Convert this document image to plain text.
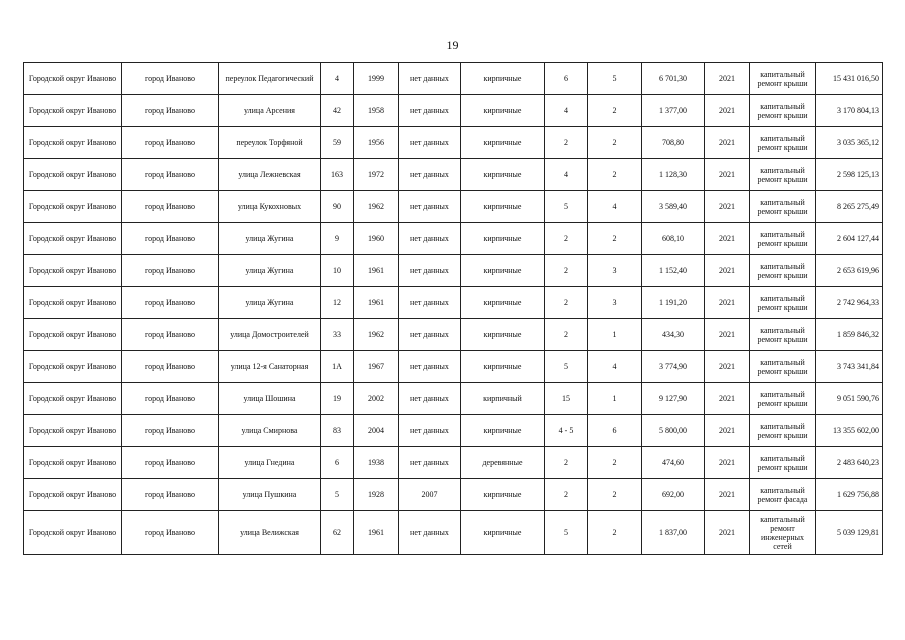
19
Городской округ Иваново	город Иваново	переулок Педагогический	4	1999	нет данных	кирпичные	6	5	6 701,30	2021	капитальный ремонт крыши	15 431 016,50
Городской округ Иваново	город Иваново	улица Арсения	42	1958	нет данных	кирпичные	4	2	1 377,00	2021	капитальный ремонт крыши	3 170 804,13
Городской округ Иваново	город Иваново	переулок Торфяной	59	1956	нет данных	кирпичные	2	2	708,80	2021	капитальный ремонт крыши	3 035 365,12
Городской округ Иваново	город Иваново	улица Лежневская	163	1972	нет данных	кирпичные	4	2	1 128,30	2021	капитальный ремонт крыши	2 598 125,13
Городской округ Иваново	город Иваново	улица Кукохновых	90	1962	нет данных	кирпичные	5	4	3 589,40	2021	капитальный ремонт крыши	8 265 275,49
Городской округ Иваново	город Иваново	улица Жугина	9	1960	нет данных	кирпичные	2	2	608,10	2021	капитальный ремонт крыши	2 604 127,44
Городской округ Иваново	город Иваново	улица Жугина	10	1961	нет данных	кирпичные	2	3	1 152,40	2021	капитальный ремонт крыши	2 653 619,96
Городской округ Иваново	город Иваново	улица Жугина	12	1961	нет данных	кирпичные	2	3	1 191,20	2021	капитальный ремонт крыши	2 742 964,33
Городской округ Иваново	город Иваново	улица Домостроителей	33	1962	нет данных	кирпичные	2	1	434,30	2021	капитальный ремонт крыши	1 859 846,32
Городской округ Иваново	город Иваново	улица 12-я Санаторная	1А	1967	нет данных	кирпичные	5	4	3 774,90	2021	капитальный ремонт крыши	3 743 341,84
Городской округ Иваново	город Иваново	улица Шошина	19	2002	нет данных	кирпичный	15	1	9 127,90	2021	капитальный ремонт крыши	9 051 590,76
Городской округ Иваново	город Иваново	улица Смирнова	83	2004	нет данных	кирпичные	4 - 5	6	5 800,00	2021	капитальный ремонт крыши	13 355 602,00
Городской округ Иваново	город Иваново	улица Гнедина	6	1938	нет данных	деревянные	2	2	474,60	2021	капитальный ремонт крыши	2 483 640,23
Городской округ Иваново	город Иваново	улица Пушкина	5	1928	2007	кирпичные	2	2	692,00	2021	капитальный ремонт фасада	1 629 756,88
Городской округ Иваново	город Иваново	улица Велижская	62	1961	нет данных	кирпичные	5	2	1 837,00	2021	капитальный ремонт инженерных сетей	5 039 129,81
